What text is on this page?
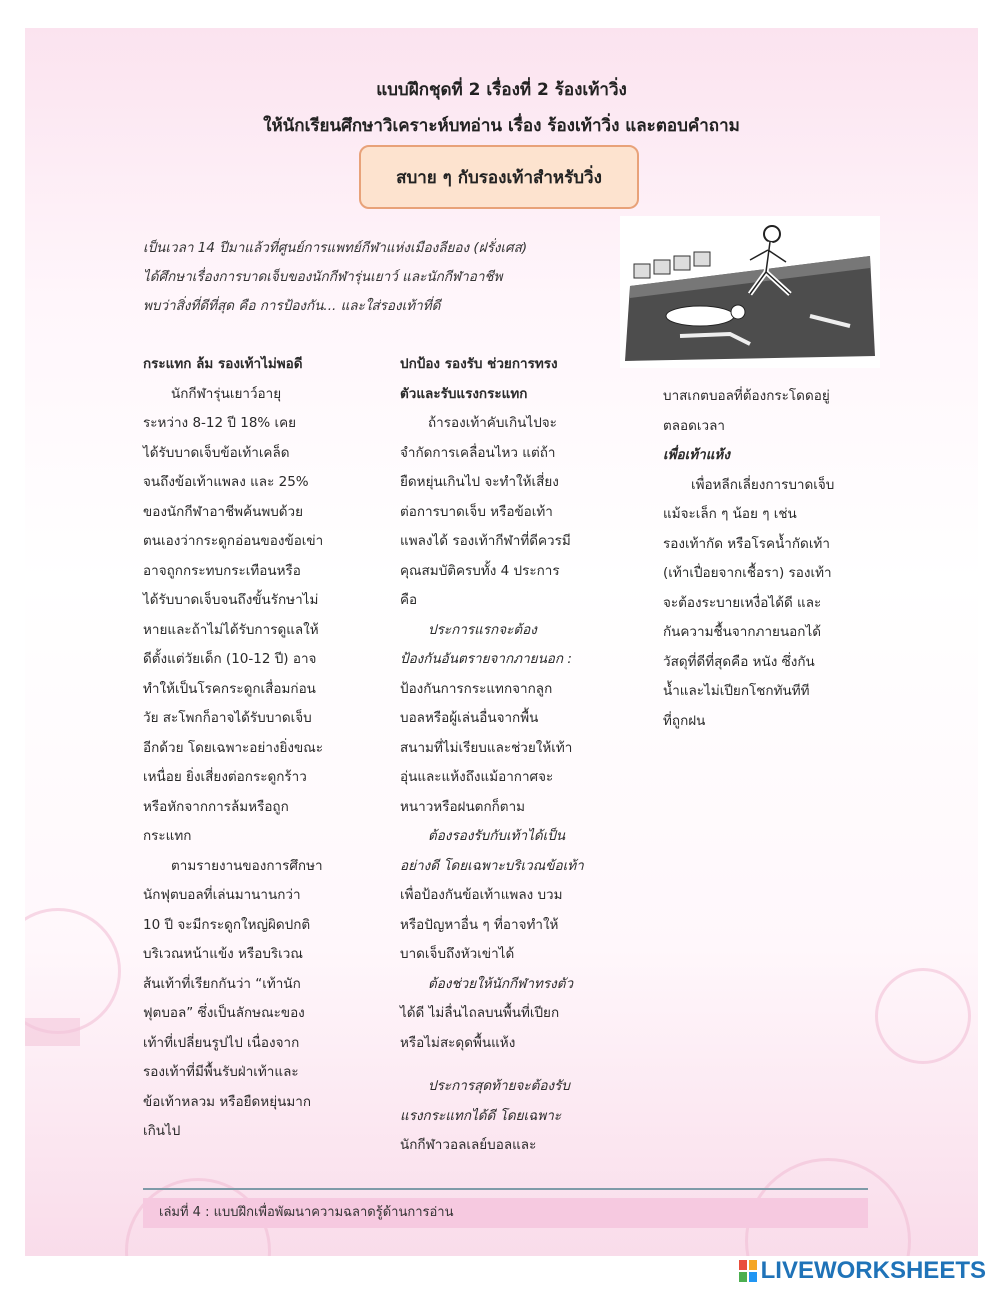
แบบฝึกชุดที่ 2 เรื่องที่ 2 ร้องเท้าวิ่ง
ให้นักเรียนศึกษาวิเคราะห์บทอ่าน เรื่อง ร้องเท้าวิ่ง และตอบคำถาม
สบาย ๆ กับรองเท้าสำหรับวิ่ง
เป็นเวลา 14 ปีมาแล้วที่ศูนย์การแพทย์กีฬาแห่งเมืองลียอง (ฝรั่งเศส)
ได้ศึกษาเรื่องการบาดเจ็บของนักกีฬารุ่นเยาว์ และนักกีฬาอาชีพ
พบว่าสิ่งที่ดีที่สุด คือ การป้องกัน... และใส่รองเท้าที่ดี

กระแทก ล้ม รองเท้าไม่พอดี

นักกีฬารุ่นเยาว์อายุ

ระหว่าง 8-12 ปี 18% เคย

ได้รับบาดเจ็บข้อเท้าเคล็ด

จนถึงข้อเท้าแพลง และ 25%

ของนักกีฬาอาชีพค้นพบด้วย

ตนเองว่ากระดูกอ่อนของข้อเข่า

อาจถูกกระทบกระเทือนหรือ

ได้รับบาดเจ็บจนถึงขั้นรักษาไม่

หายและถ้าไม่ได้รับการดูแลให้

ดีตั้งแต่วัยเด็ก (10-12 ปี) อาจ

ทำให้เป็นโรคกระดูกเสื่อมก่อน

วัย สะโพกก็อาจได้รับบาดเจ็บ

อีกด้วย โดยเฉพาะอย่างยิ่งขณะ

เหนื่อย ยิ่งเสี่ยงต่อกระดูกร้าว

หรือหักจากการล้มหรือถูก

กระแทก

ตามรายงานของการศึกษา

นักฟุตบอลที่เล่นมานานกว่า

10 ปี จะมีกระดูกใหญ่ผิดปกติ

บริเวณหน้าแข้ง หรือบริเวณ

ส้นเท้าที่เรียกกันว่า “เท้านัก

ฟุตบอล” ซึ่งเป็นลักษณะของ

เท้าที่เปลี่ยนรูปไป เนื่องจาก

รองเท้าที่มีพื้นรับฝ่าเท้าและ

ข้อเท้าหลวม หรือยืดหยุ่นมาก

เกินไป

ปกป้อง รองรับ ช่วยการทรง

ตัวและรับแรงกระแทก

ถ้ารองเท้าคับเกินไปจะ

จำกัดการเคลื่อนไหว แต่ถ้า

ยืดหยุ่นเกินไป จะทำให้เสี่ยง

ต่อการบาดเจ็บ หรือข้อเท้า

แพลงได้ รองเท้ากีฬาที่ดีควรมี

คุณสมบัติครบทั้ง 4 ประการ

คือ

ประการแรกจะต้อง

ป้องกันอันตรายจากภายนอก :

ป้องกันการกระแทกจากลูก

บอลหรือผู้เล่นอื่นจากพื้น

สนามที่ไม่เรียบและช่วยให้เท้า

อุ่นและแห้งถึงแม้อากาศจะ

หนาวหรือฝนตกก็ตาม

ต้องรองรับกับเท้าได้เป็น

อย่างดี โดยเฉพาะบริเวณข้อเท้า

เพื่อป้องกันข้อเท้าแพลง บวม

หรือปัญหาอื่น ๆ ที่อาจทำให้

บาดเจ็บถึงหัวเข่าได้

ต้องช่วยให้นักกีฬาทรงตัว

ได้ดี ไม่ลื่นไถลบนพื้นที่เปียก

หรือไม่สะดุดพื้นแห้ง

ประการสุดท้ายจะต้องรับ

แรงกระแทกได้ดี โดยเฉพาะ

นักกีฬาวอลเลย์บอลและ

บาสเกตบอลที่ต้องกระโดดอยู่

ตลอดเวลา

เพื่อเท้าแห้ง

เพื่อหลีกเลี่ยงการบาดเจ็บ

แม้จะเล็ก ๆ น้อย ๆ เช่น

รองเท้ากัด หรือโรคน้ำกัดเท้า

(เท้าเปื่อยจากเชื้อรา) รองเท้า

จะต้องระบายเหงื่อได้ดี และ

กันความชื้นจากภายนอกได้

วัสดุที่ดีที่สุดคือ หนัง ซึ่งกัน

น้ำและไม่เปียกโชกทันทีที

ที่ถูกฝน

เล่มที่ 4 : แบบฝึกเพื่อพัฒนาความฉลาดรู้ด้านการอ่าน
LIVEWORKSHEETS
